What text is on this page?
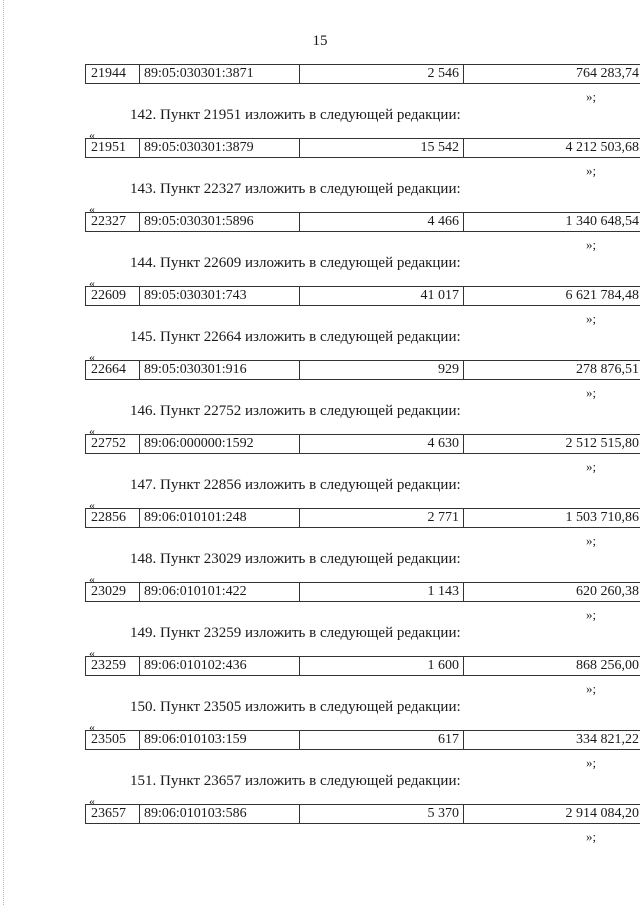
15
21944	89:05:030301:3871	2 546	764 283,74
»;
142. Пункт 21951 изложить в следующей редакции:
«
21951	89:05:030301:3879	15 542	4 212 503,68
»;
143. Пункт 22327 изложить в следующей редакции:
«
22327	89:05:030301:5896	4 466	1 340 648,54
»;
144. Пункт 22609 изложить в следующей редакции:
«
22609	89:05:030301:743	41 017	6 621 784,48
»;
145. Пункт 22664 изложить в следующей редакции:
«
22664	89:05:030301:916	929	278 876,51
»;
146. Пункт 22752 изложить в следующей редакции:
«
22752	89:06:000000:1592	4 630	2 512 515,80
»;
147. Пункт 22856 изложить в следующей редакции:
«
22856	89:06:010101:248	2 771	1 503 710,86
»;
148. Пункт 23029 изложить в следующей редакции:
«
23029	89:06:010101:422	1 143	620 260,38
»;
149. Пункт 23259 изложить в следующей редакции:
«
23259	89:06:010102:436	1 600	868 256,00
»;
150. Пункт 23505 изложить в следующей редакции:
«
23505	89:06:010103:159	617	334 821,22
»;
151. Пункт 23657 изложить в следующей редакции:
«
23657	89:06:010103:586	5 370	2 914 084,20
»;
